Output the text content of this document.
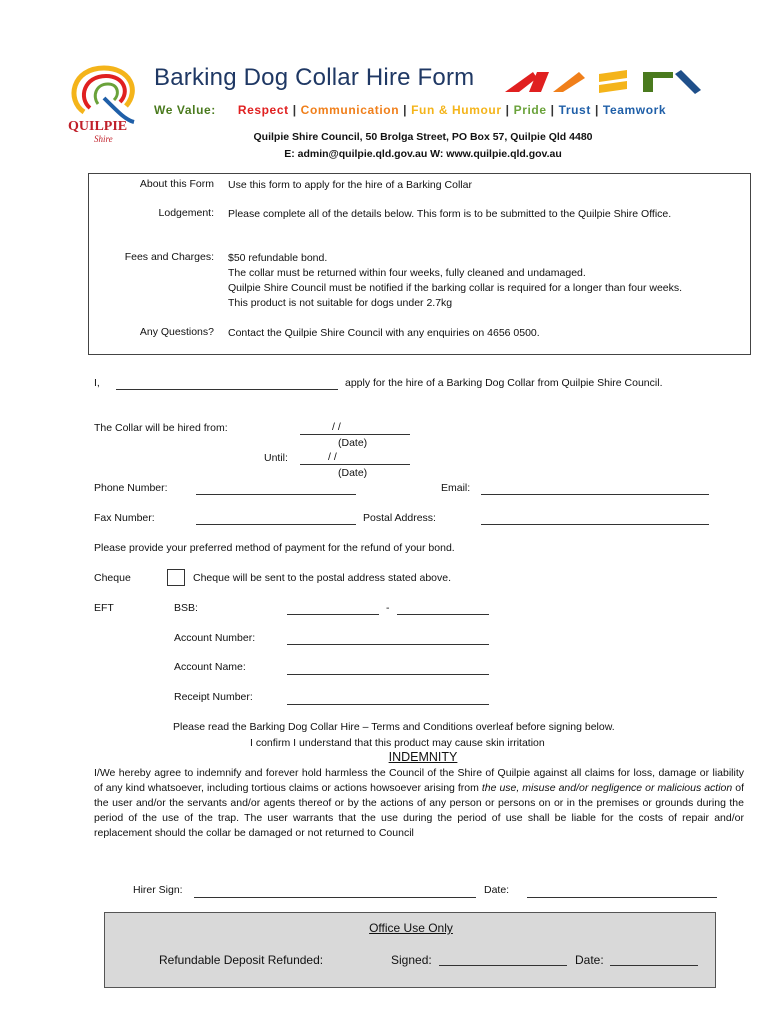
QUILPIE
Shire
Barking Dog Collar Hire Form
We Value: Respect | Communication | Fun & Humour | Pride | Trust | Teamwork
Quilpie Shire Council, 50 Brolga Street, PO Box 57, Quilpie Qld 4480
E: admin@quilpie.qld.gov.au W: www.quilpie.qld.gov.au
About this Form Use this form to apply for the hire of a Barking Collar
Lodgement: Please complete all of the details below. This form is to be submitted to the Quilpie Shire Office.
Fees and Charges: $50 refundable bond.
The collar must be returned within four weeks, fully cleaned and undamaged.
Quilpie Shire Council must be notified if the barking collar is required for a longer than four weeks.
This product is not suitable for dogs under 2.7kg
Any Questions? Contact the Quilpie Shire Council with any enquiries on 4656 0500.
I,	apply for the hire of a Barking Dog Collar from Quilpie Shire Council.
The Collar will be hired from:	/ /
(Date)
Until:	/ /
(Date)
Phone Number:	Email:
Fax Number:	Postal Address:
Please provide your preferred method of payment for the refund of your bond.
Cheque	Cheque will be sent to the postal address stated above.
EFT	BSB:	-
Account Number:
Account Name:
Receipt Number:
Please read the Barking Dog Collar Hire – Terms and Conditions overleaf before signing below.
I confirm I understand that this product may cause skin irritation
INDEMNITY
I/We hereby agree to indemnify and forever hold harmless the Council of the Shire of Quilpie against all claims for loss, damage or liability of any kind whatsoever, including tortious claims or actions howsoever arising from the use, misuse and/or negligence or malicious action of the user and/or the servants and/or agents thereof or by the actions of any person or persons on or in the premises or grounds during the period of the use of the trap. The user warrants that the use during the period of use shall be liable for the costs of repair and/or replacement should the collar be damaged or not returned to Council
Hirer Sign:	Date:
Office Use Only
Refundable Deposit Refunded:	Signed:	Date:
